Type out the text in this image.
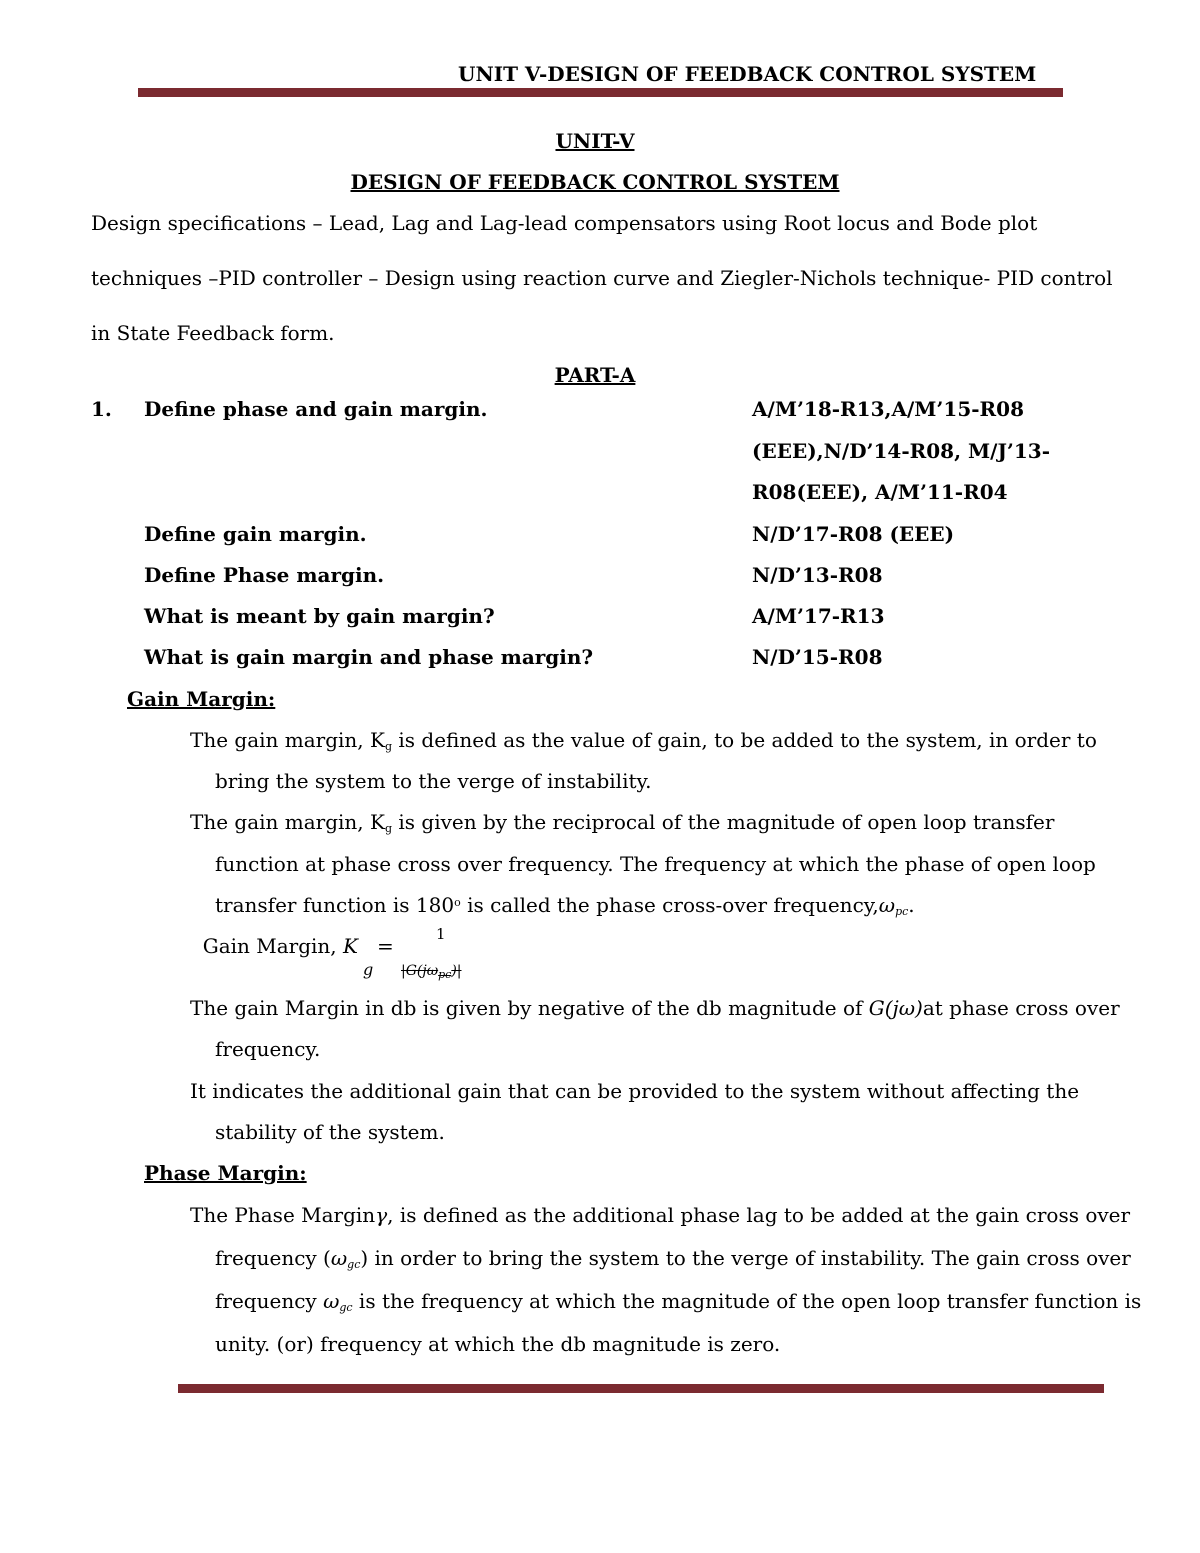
UNIT V-DESIGN OF FEEDBACK CONTROL SYSTEM
UNIT-V
DESIGN OF FEEDBACK CONTROL SYSTEM
Design specifications – Lead, Lag and Lag-lead compensators using Root locus and Bode plot
techniques –PID controller – Design using reaction curve and Ziegler-Nichols technique- PID control
in State Feedback form.
PART-A
1. Define phase and gain margin.	A/M’18-R13,A/M’15-R08
(EEE),N/D’14-R08, M/J’13-
R08(EEE), A/M’11-R04
Define gain margin.	N/D’17-R08 (EEE)
Define Phase margin.	N/D’13-R08
What is meant by gain margin?	A/M’17-R13
What is gain margin and phase margin?	N/D’15-R08
Gain Margin:
The gain margin, $K_g$ is defined as the value of gain, to be added to the system, in order to
bring the system to the verge of instability.
The gain margin, $K_g$ is given by the reciprocal of the magnitude of open loop transfer
function at phase cross over frequency. The frequency at which the phase of open loop
transfer function is 180$^o$ is called the phase cross-over $frequency,\omega_{pc}$.
Gain Margin, K =	1
g $|G(j\omega_{pc})|$
The gain Margin in db is given by negative of the db magnitude of G(jω)at phase cross over
frequency.
It indicates the additional gain that can be provided to the system without affecting the
stability of the system.
Phase Margin:
The Phase Marginγ, is defined as the additional phase lag to be added at the gain cross over
frequency $(\omega_{gc})$ in order to bring the system to the verge of instability. The gain cross over
frequency $\omega_{gc}$ is the frequency at which the magnitude of the open loop transfer function is
unity. (or) frequency at which the db magnitude is zero.
